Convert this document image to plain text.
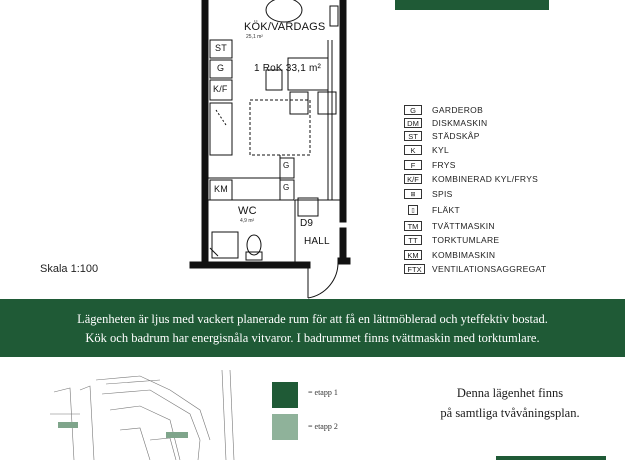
KÖK/VARDAGS
25,1 m²
1 RoK 33,1 m²
ST
G
K/F
KM
G
G
WC
4,9 m²	D9
HALL
Skala 1:100
G	GARDEROB
DM	DISKMASKIN
ST	STÄDSKÅP
K	KYL
F	FRYS
K/F	KOMBINERAD KYL/FRYS
⊞	SPIS
▯	FLÄKT
TM	TVÄTTMASKIN
TT	TORKTUMLARE
KM	KOMBIMASKIN
FTX	VENTILATIONSAGGREGAT

Lägenheten är ljus med vackert planerade rum för att få en lättmöblerad och yteffektiv bostad.

Kök och badrum har energisnåla vitvaror. I badrummet finns tvättmaskin med torktumlare.

= etapp 1
= etapp 2

Denna lägenhet finns

på samtliga tvåvåningsplan.
